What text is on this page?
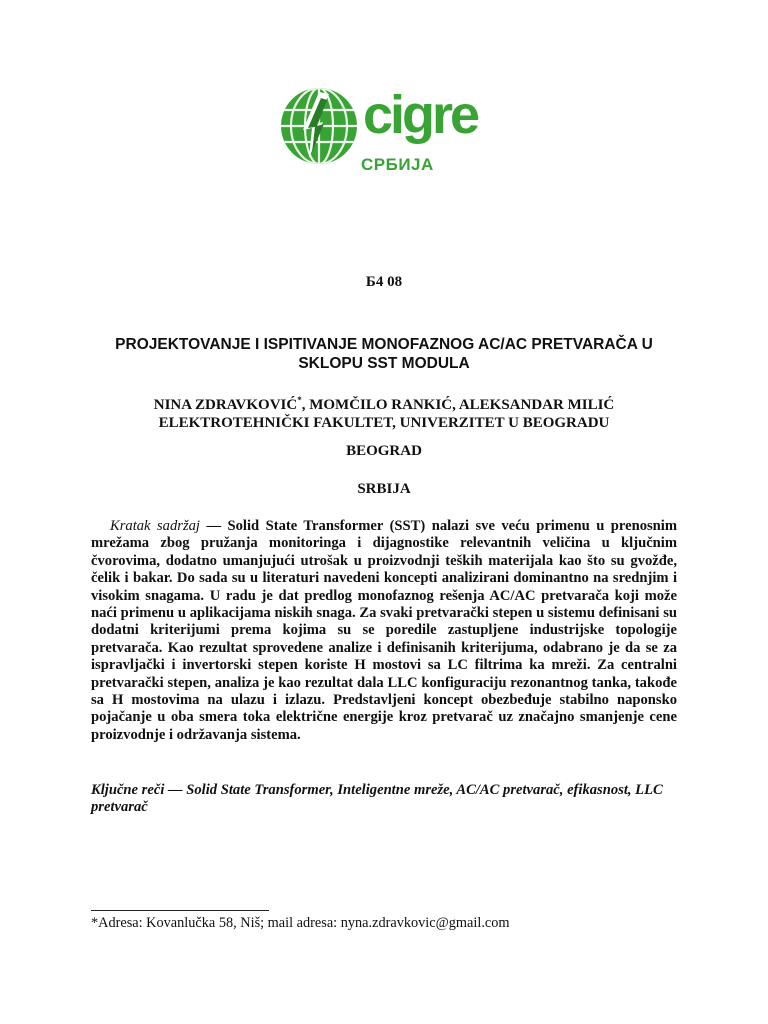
cigre
СРБИЈА
Б4 08
PROJEKTOVANJE I ISPITIVANJE MONOFAZNOG AC/AC PRETVARAČA U
SKLOPU SST MODULA
NINA ZDRAVKOVIĆ*, MOMČILO RANKIĆ, ALEKSANDAR MILIĆ
ELEKTROTEHNIČKI FAKULTET, UNIVERZITET U BEOGRADU
BEOGRAD
SRBIJA
Kratak sadržaj — Solid State Transformer (SST) nalazi sve veću primenu u prenosnim mrežama zbog pružanja monitoringa i dijagnostike relevantnih veličina u ključnim čvorovima, dodatno umanjujući utrošak u proizvodnji teških materijala kao što su gvožđe, čelik i bakar. Do sada su u literaturi navedeni koncepti analizirani dominantno na srednjim i visokim snagama. U radu je dat predlog monofaznog rešenja AC/AC pretvarača koji može naći primenu u aplikacijama niskih snaga. Za svaki pretvarački stepen u sistemu definisani su dodatni kriterijumi prema kojima su se poredile zastupljene industrijske topologije pretvarača. Kao rezultat sprovedene analize i definisanih kriterijuma, odabrano je da se za ispravljački i invertorski stepen koriste H mostovi sa LC filtrima ka mreži. Za centralni pretvarački stepen, analiza je kao rezultat dala LLC konfiguraciju rezonantnog tanka, takođe sa H mostovima na ulazu i izlazu. Predstavljeni koncept obezbeđuje stabilno naponsko pojačanje u oba smera toka električne energije kroz pretvarač uz značajno smanjenje cene proizvodnje i održavanja sistema.
Ključne reči — Solid State Transformer, Inteligentne mreže, AC/AC pretvarač, efikasnost, LLC pretvarač
*Adresa: Kovanlučka 58, Niš; mail adresa: nyna.zdravkovic@gmail.com
